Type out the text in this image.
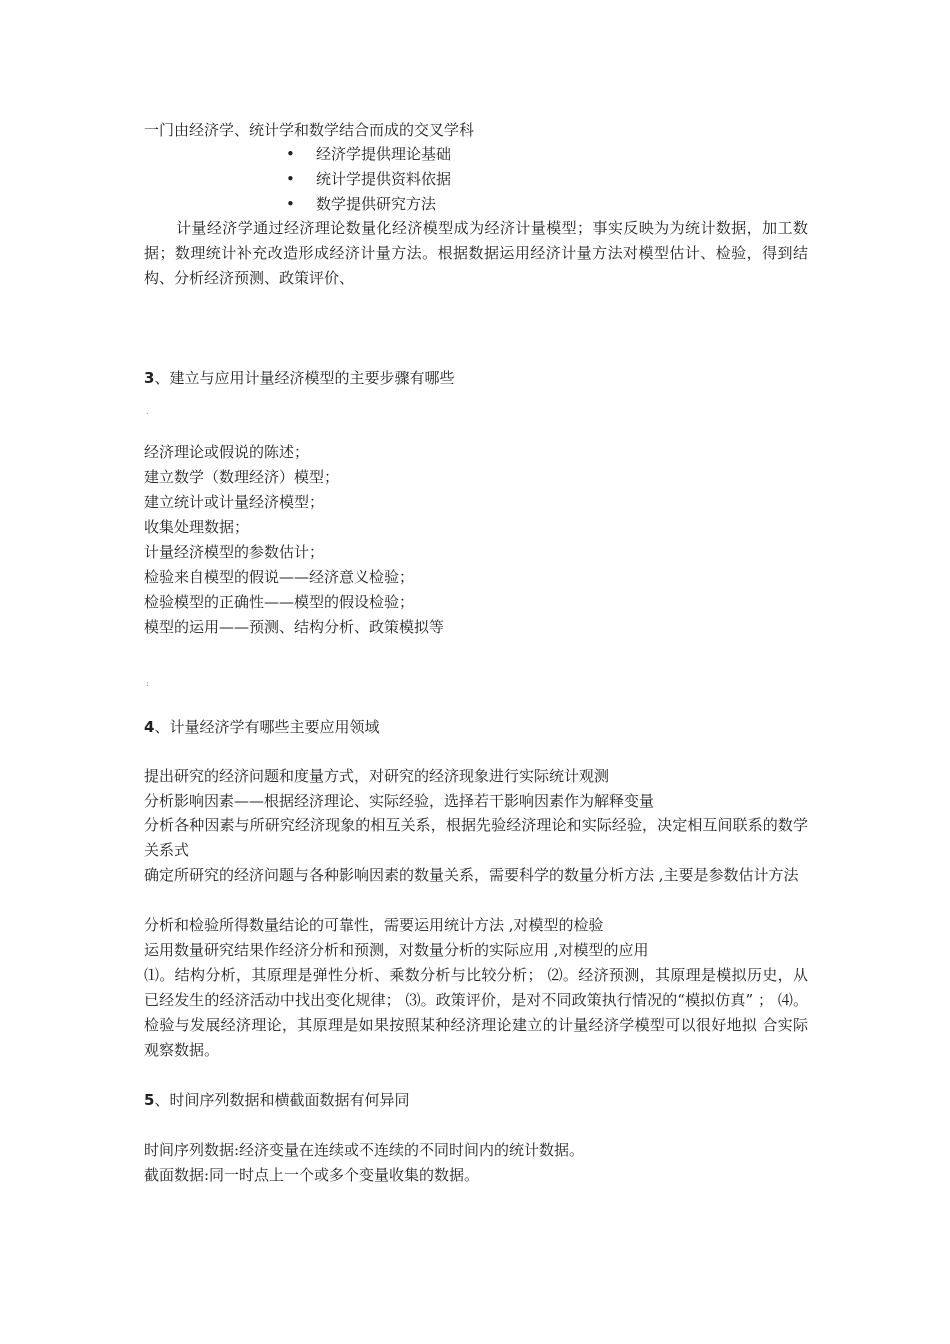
一门由经济学、统计学和数学结合而成的交叉学科
• 经济学提供理论基础
• 统计学提供资料依据
• 数学提供研究方法
计量经济学通过经济理论数量化经济模型成为经济计量模型；事实反映为为统计数据，加工数据；数理统计补充改造形成经济计量方法。根据数据运用经济计量方法对模型估计、检验，得到结构、分析经济预测、政策评价、
3、建立与应用计量经济模型的主要步骤有哪些
.
经济理论或假说的陈述；
建立数学（数理经济）模型；
建立统计或计量经济模型；
收集处理数据；
计量经济模型的参数估计；
检验来自模型的假说——经济意义检验；
检验模型的正确性——模型的假设检验；
模型的运用——预测、结构分析、政策模拟等
:
4、计量经济学有哪些主要应用领域
提出研究的经济问题和度量方式，对研究的经济现象进行实际统计观测
分析影响因素——根据经济理论、实际经验，选择若干影响因素作为解释变量
分析各种因素与所研究经济现象的相互关系，根据先验经济理论和实际经验，决定相互间联系的数学关系式
确定所研究的经济问题与各种影响因素的数量关系，需要科学的数量分析方法 ,主要是参数估计方法
分析和检验所得数量结论的可靠性，需要运用统计方法 ,对模型的检验
运用数量研究结果作经济分析和预测，对数量分析的实际应用 ,对模型的应用
⑴。结构分析，其原理是弹性分析、乘数分析与比较分析； ⑵。经济预测，其原理是模拟历史，从已经发生的经济活动中找出变化规律； ⑶。政策评价，是对不同政策执行情况的“模拟仿真” ； ⑷。检验与发展经济理论，其原理是如果按照某种经济理论建立的计量经济学模型可以很好地拟 合实际观察数据。
5、时间序列数据和横截面数据有何异同
时间序列数据:经济变量在连续或不连续的不同时间内的统计数据。
截面数据:同一时点上一个或多个变量收集的数据。
